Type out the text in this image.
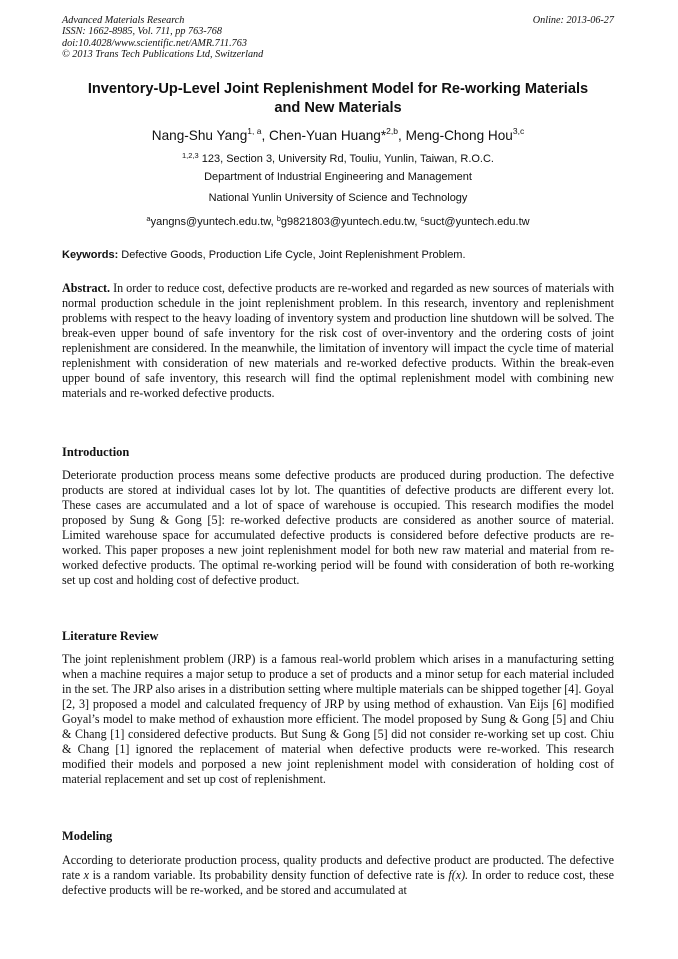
Advanced Materials Research
ISSN: 1662-8985, Vol. 711, pp 763-768
doi:10.4028/www.scientific.net/AMR.711.763
© 2013 Trans Tech Publications Ltd, Switzerland
Online: 2013-06-27
Inventory-Up-Level Joint Replenishment Model for Re-working Materials
and New Materials
Nang-Shu Yang$^{1, a}$, Chen-Yuan Huang*$^{2,b}$, Meng-Chong Hou$^{3,c}$
$^{1,2,3}$ 123, Section 3, University Rd, Touliu, Yunlin, Taiwan, R.O.C.
Department of Industrial Engineering and Management
National Yunlin University of Science and Technology
$^a$yangns@yuntech.edu.tw, $^b$g9821803@yuntech.edu.tw, $^c$suct@yuntech.edu.tw
Keywords: Defective Goods, Production Life Cycle, Joint Replenishment Problem.

Abstract. In order to reduce cost, defective products are re-worked and regarded as new sources of materials with normal production schedule in the joint replenishment problem. In this research, inventory and replenishment problems with respect to the heavy loading of inventory system and production line shutdown will be solved. The break-even upper bound of safe inventory for the risk cost of over-inventory and the ordering costs of joint replenishment are considered. In the meanwhile, the limitation of inventory will impact the cycle time of material replenishment with consideration of new materials and re-worked defective products. Within the break-even upper bound of safe inventory, this research will find the optimal replenishment model with combining new materials and re-worked defective products.

Introduction

Deteriorate production process means some defective products are produced during production. The defective products are stored at individual cases lot by lot. The quantities of defective products are different every lot. These cases are accumulated and a lot of space of warehouse is occupied. This research modifies the model proposed by Sung & Gong [5]: re-worked defective products are considered as another source of material. Limited warehouse space for accumulated defective products is considered before defective products are re-worked. This paper proposes a new joint replenishment model for both new raw material and material from re-worked defective products. The optimal re-working period will be found with consideration of both re-working set up cost and holding cost of defective product.

Literature Review

The joint replenishment problem (JRP) is a famous real-world problem which arises in a manufacturing setting when a machine requires a major setup to produce a set of products and a minor setup for each material included in the set. The JRP also arises in a distribution setting where multiple materials can be shipped together [4]. Goyal [2, 3] proposed a model and calculated frequency of JRP by using method of exhaustion. Van Eijs [6] modified Goyal’s model to make method of exhaustion more efficient. The model proposed by Sung & Gong [5] and Chiu & Chang [1] considered defective products. But Sung & Gong [5] did not consider re-working set up cost. Chiu & Chang [1] ignored the replacement of material when defective products were re-worked. This research modified their models and porposed a new joint replenishment model with consideration of holding cost of material replacement and set up cost of replenishment.

Modeling

According to deteriorate production process, quality products and defective product are producted. The defective rate x is a random variable. Its probability density function of defective rate is f(x). In order to reduce cost, these defective products will be re-worked, and be stored and accumulated at
